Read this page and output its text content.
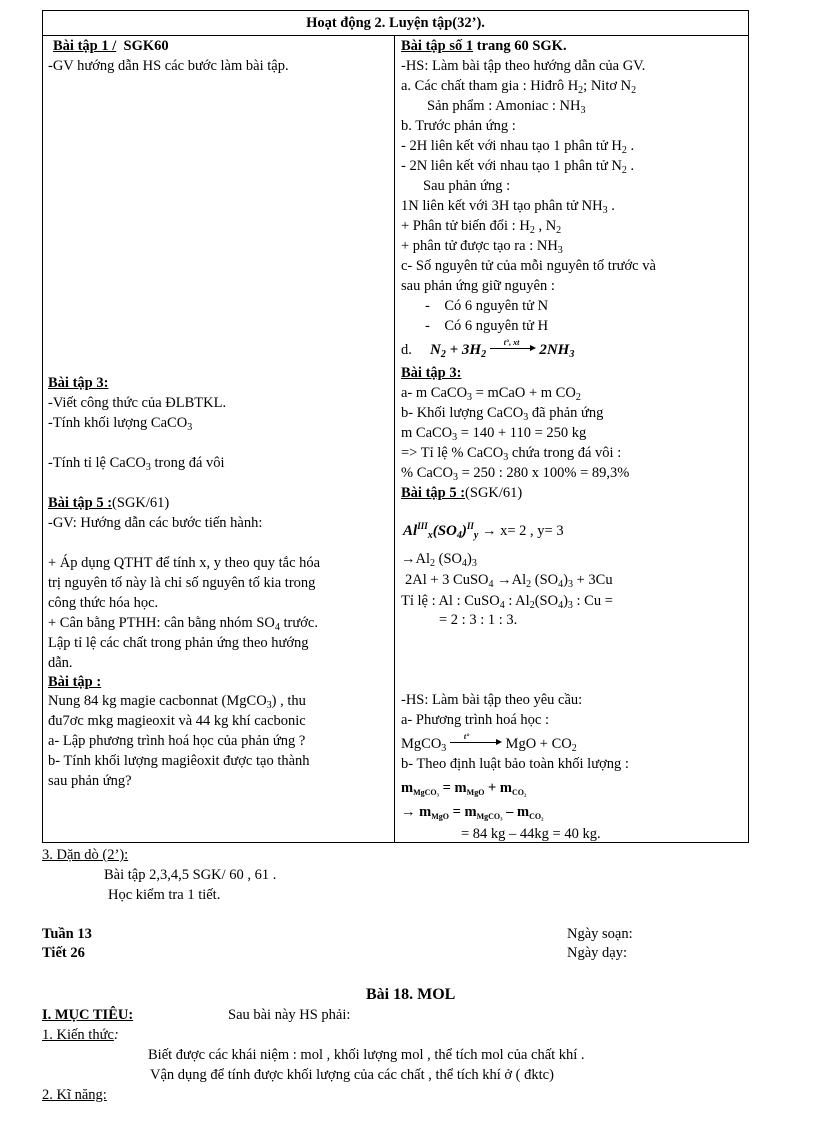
Hoạt động 2. Luyện tập(32’).
Bài tập 1 / SGK60
-GV hướng dẫn HS các bước làm bài tập.
Bài tập 3:
-Viết công thức của ĐLBTKL.
-Tính khối lượng CaCO$_3$
-Tính tỉ lệ CaCO$_3$ trong đá vôi
Bài tập 5 :(SGK/61)
-GV: Hướng dẫn các bước tiến hành:
+ Áp dụng QTHT để tính x, y theo quy tắc hóa
trị nguyên tố này là chỉ số nguyên tố kia trong
công thức hóa học.
+ Cân bằng PTHH: cân bằng nhóm $SO_4$ trước.
Lập tỉ lệ các chất trong phản ứng theo hướng
dẫn.
Bài tập :
Nung 84 kg magie cacbonnat (MgCO$_3$) , thu
đu7ơc mkg magieoxit và 44 kg khí cacbonic
a- Lập phương trình hoá học của phản ứng ?
b- Tính khối lượng magiêoxit được tạo thành
sau phản ứng?
Bài tập số 1 trang 60 SGK.
-HS: Làm bài tập theo hướng dẫn của GV.
a. Các chất tham gia : Hiđrô $H_2$; Nitơ $N_2$
Sản phẩm : Amoniac : $NH_3$
b. Trước phản ứng :
- 2H liên kết với nhau tạo 1 phân tử $H_2$ .
- 2N liên kết với nhau tạo 1 phân tử $N_2$ .
Sau phản ứng :
1N liên kết với 3H tạo phân tử $NH_3$ .
+ Phân tử biến đổi : $H_2$ , $N_2$
+ phân tử được tạo ra : $NH_3$
c- Số nguyên tử của mỗi nguyên tố trước và
sau phản ứng giữ nguyên :
-    Có 6 nguyên tử N
-    Có 6 nguyên tử H
d. $N_2 + 3H_2$
t°, xt $2NH_3$
Bài tập 3:
a- m CaCO$_3$ = mCaO + m $CO_2$
b- Khối lượng CaCO$_3$ đã phản ứng
m CaCO$_3$ = 140 + 110 = 250 kg
=> Tỉ lệ % CaCO$_3$ chứa trong đá vôi :
% CaCO$_3$ = 250 : 280 x 100% = 89,3%
Bài tập 5 :(SGK/61)
$Al^{III}_x(SO_4)^{II}_y \to x= 2$ , y= 3
$\to Al_2$ $(SO_4)_3$
2Al + 3 CuSO$_4$ $\to Al_2$ $(SO_4)_3 + 3Cu$
Tỉ lệ : Al : CuSO$_4$ : $Al_2(SO_4)_3$ : Cu =
= 2 : 3 : 1 : 3.
-HS: Làm bài tập theo yêu cầu:
a- Phương trình hoá học :
MgCO$_3$
t° MgO + $CO_2$
b- Theo định luật bảo toàn khối lượng :
$m_{MgCO_3} = m_{MgO} + m_{CO_2}$
→ $m_{MgO} = m_{MgCO_3} - m_{CO_2}$
= 84 kg – 44kg = 40 kg.
3. Dặn dò (2’):
Bài tập 2,3,4,5 SGK/ 60 , 61 .
Học kiểm tra 1 tiết.
Tuần 13
Tiết 26
Ngày soạn:
Ngày dạy:
Bài 18. MOL
I. MỤC TIÊU:	Sau bài này HS phải:
1. Kiến thức:
Biết được các khái niệm : mol , khối lượng mol , thể tích mol của chất khí .
Vận dụng để tính được khối lượng của các chất , thể tích khí ở ( đktc)
2. Kĩ năng:
